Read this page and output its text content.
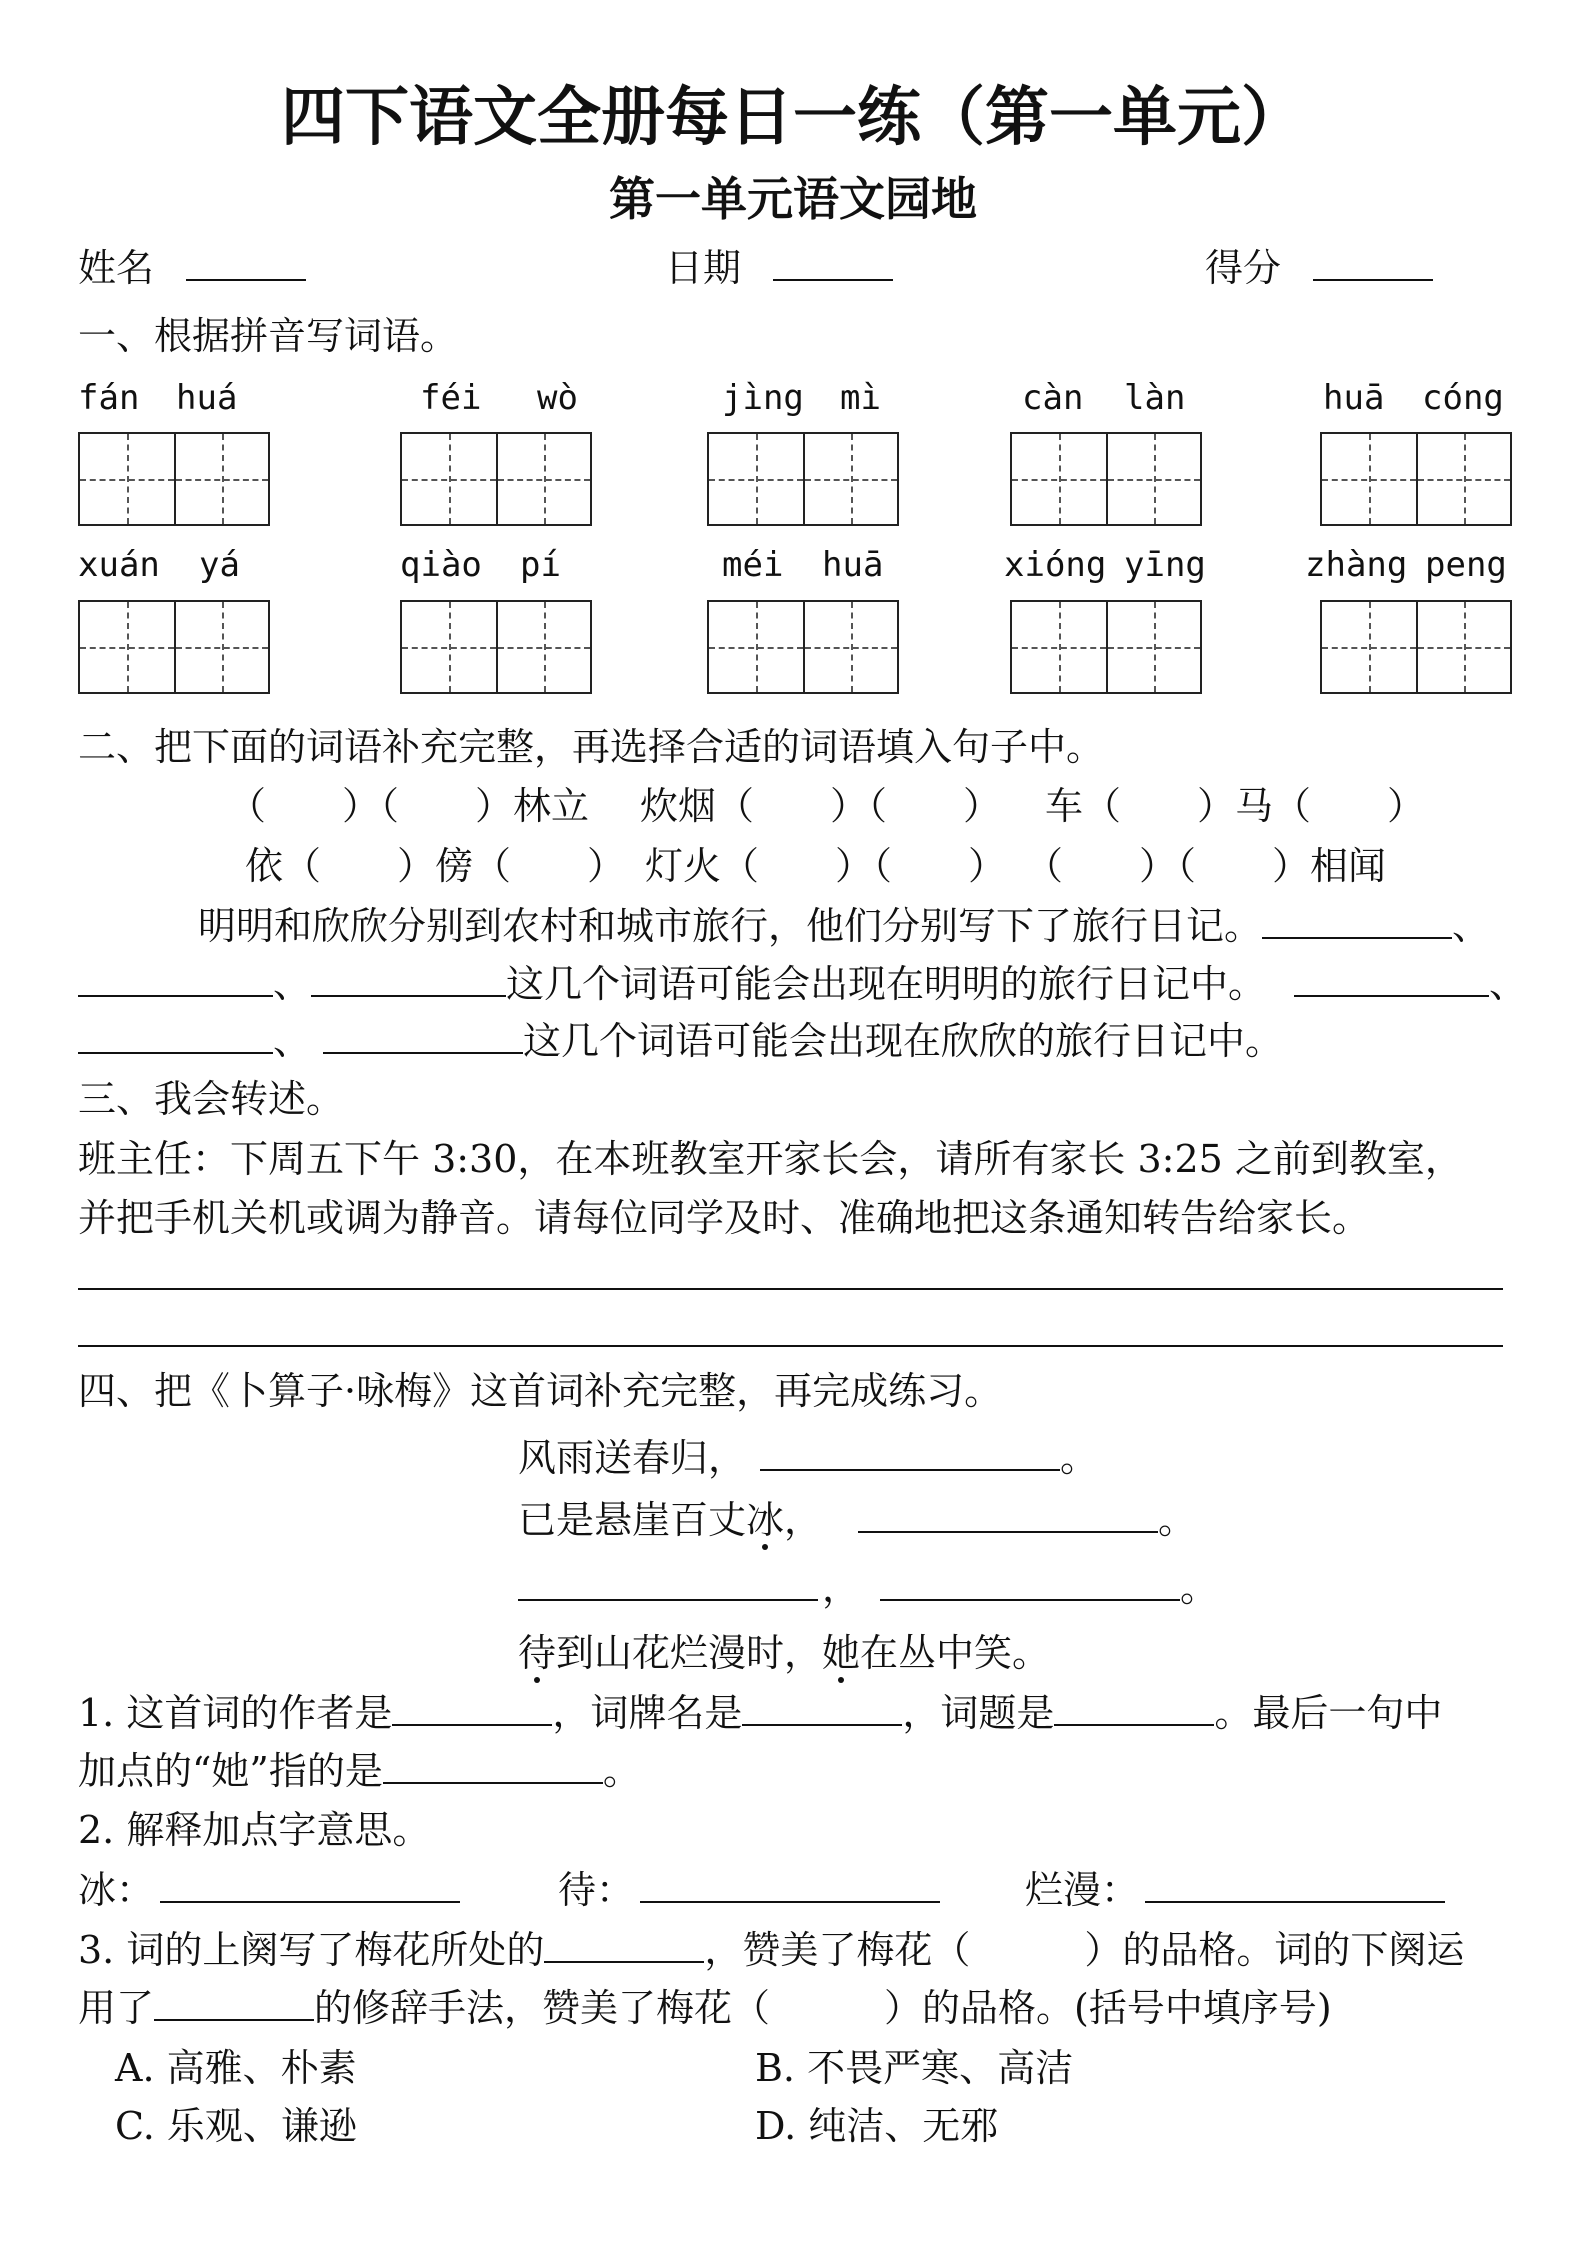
四下语文全册每日一练（第一单元）
第一单元语文园地
姓名	日期	得分
一、根据拼音写词语。
fán huá	féi wò	jìng mì	càn làn	huā cóng
xuán yá	qiào pí	méi huā	xióng yīng	zhàng peng
二、把下面的词语补充完整，再选择合适的词语填入句子中。
（　　）（　　）林立 炊烟（　　）（　　） 车（　　）马（　　）
依（　　）傍（　　） 灯火（　　）（　　） （　　）（　　）相闻
明明和欣欣分别到农村和城市旅行，他们分别写下了旅行日记。	、
、	这几个词语可能会出现在明明的旅行日记中。	、
、	这几个词语可能会出现在欣欣的旅行日记中。
三、我会转述。
班主任：下周五下午 3:30，在本班教室开家长会，请所有家长 3:25 之前到教室，
并把手机关机或调为静音。请每位同学及时、准确地把这条通知转告给家长。
四、把《卜算子·咏梅》这首词补充完整，再完成练习。
风雨送春归，	。
已是悬崖百丈冰，	。
，	。
待到山花烂漫时，她在丛中笑。
1. 这首词的作者是	，词牌名是	，词题是	。最后一句中
加点的“她”指的是	。
2. 解释加点字意思。
冰：	待：	烂漫：
3. 词的上阕写了梅花所处的	，赞美了梅花（　　　）的品格。词的下阕运
用了	的修辞手法，赞美了梅花（　　　）的品格。(括号中填序号)
A. 高雅、朴素	B. 不畏严寒、高洁
C. 乐观、谦逊	D. 纯洁、无邪
